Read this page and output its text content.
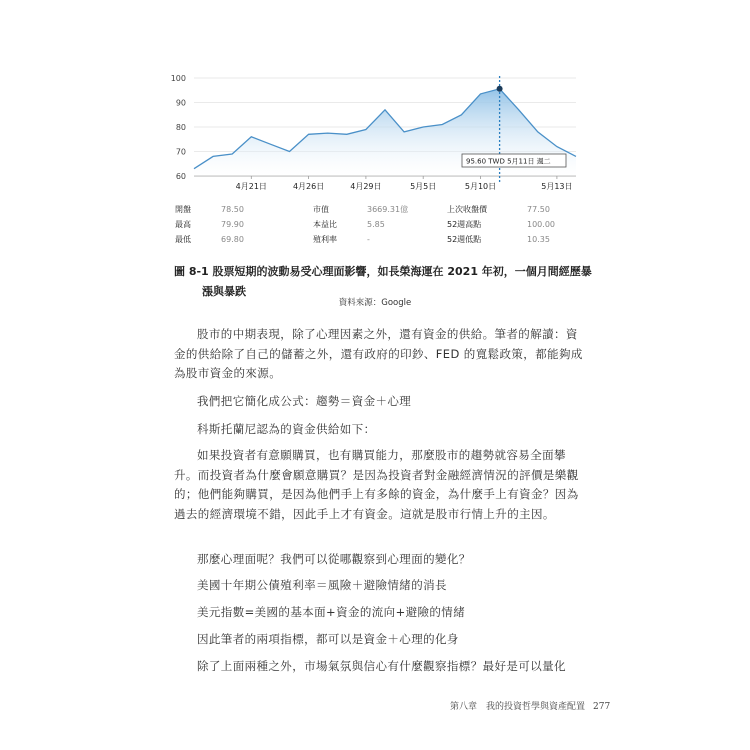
60
70
80
90
100
95.60 TWD 5月11日 週二
4月21日	4月26日	4月29日	5月5日	5月10日	5月13日
開盤	78.50	市值	3669.31億	上次收盤價	77.50
最高	79.90	本益比	5.85	52週高點	100.00
最低	69.80	殖利率	-	52週低點	10.35
圖 8-1 股票短期的波動易受心理面影響，如長榮海運在 2021 年初，一個月間經歷暴
漲與暴跌
資料來源：Google
股市的中期表現，除了心理因素之外，還有資金的供給。筆者的解讀：資金的供給除了自己的儲蓄之外，還有政府的印鈔、FED 的寬鬆政策，都能夠成為股市資金的來源。
我們把它簡化成公式：趨勢＝資金＋心理
科斯托蘭尼認為的資金供給如下：
如果投資者有意願購買，也有購買能力，那麼股市的趨勢就容易全面攀升。而投資者為什麼會願意購買？是因為投資者對金融經濟情況的評價是樂觀的；他們能夠購買，是因為他們手上有多餘的資金，為什麼手上有資金？因為過去的經濟環境不錯，因此手上才有資金。這就是股市行情上升的主因。
那麼心理面呢？我們可以從哪觀察到心理面的變化？
美國十年期公債殖利率＝風險＋避險情緒的消長
美元指數=美國的基本面+資金的流向+避險的情緒
因此筆者的兩項指標，都可以是資金＋心理的化身
除了上面兩種之外，市場氣氛與信心有什麼觀察指標？最好是可以量化
第八章　我的投資哲學與資產配置 277
